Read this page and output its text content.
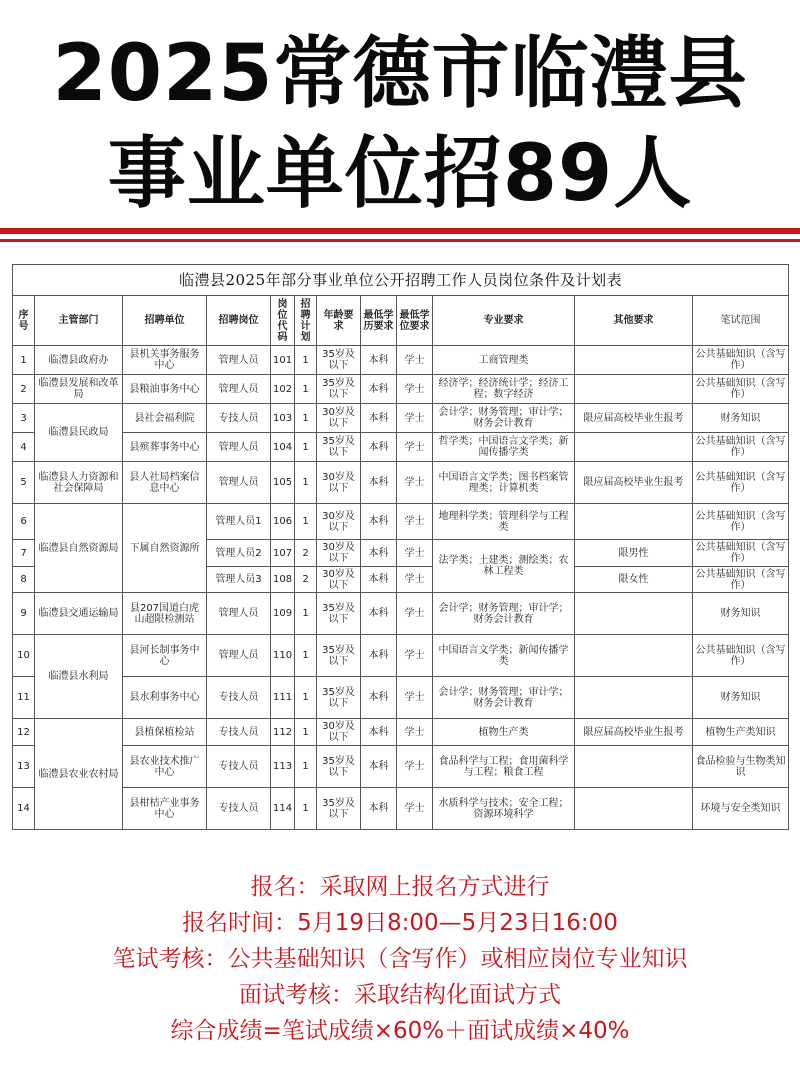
2025常德市临澧县
事业单位招89人
临澧县2025年部分事业单位公开招聘工作人员岗位条件及计划表											
序号	主管部门	招聘单位	招聘岗位	岗位代码	招聘计划	年龄要求	最低学历要求	最低学位要求	专业要求	其他要求	笔试范围
1	临澧县政府办	县机关事务服务中心	管理人员	101	1	35岁及以下	本科	学士	工商管理类		公共基础知识（含写作）
2	临澧县发展和改革局	县粮油事务中心	管理人员	102	1	35岁及以下	本科	学士	经济学；经济统计学；经济工程；数字经济		公共基础知识（含写作）
3	临澧县民政局	县社会福利院	专技人员	103	1	30岁及以下	本科	学士	会计学；财务管理；审计学；财务会计教育	限应届高校毕业生报考	财务知识
4		县殡葬事务中心	管理人员	104	1	35岁及以下	本科	学士	哲学类；中国语言文学类；新闻传播学类		公共基础知识（含写作）
5	临澧县人力资源和社会保障局	县人社局档案信息中心	管理人员	105	1	30岁及以下	本科	学士	中国语言文学类；图书档案管理类；计算机类	限应届高校毕业生报考	公共基础知识（含写作）
6	临澧县自然资源局	下属自然资源所	管理人员1	106	1	30岁及以下	本科	学士	地理科学类；管理科学与工程类		公共基础知识（含写作）
7			管理人员2	107	2	30岁及以下	本科	学士	法学类；土建类；测绘类；农林工程类	限男性	公共基础知识（含写作）
8			管理人员3	108	2	30岁及以下	本科	学士		限女性	公共基础知识（含写作）
9	临澧县交通运输局	县207国道白虎山超限检测站	管理人员	109	1	35岁及以下	本科	学士	会计学；财务管理；审计学；财务会计教育		财务知识
10	临澧县水利局	县河长制事务中心	管理人员	110	1	35岁及以下	本科	学士	中国语言文学类；新闻传播学类		公共基础知识（含写作）
11		县水利事务中心	专技人员	111	1	35岁及以下	本科	学士	会计学；财务管理；审计学；财务会计教育		财务知识
12	临澧县农业农村局	县植保植检站	专技人员	112	1	30岁及以下	本科	学士	植物生产类	限应届高校毕业生报考	植物生产类知识
13		县农业技术推广中心	专技人员	113	1	35岁及以下	本科	学士	食品科学与工程；食用菌科学与工程；粮食工程		食品检验与生物类知识
14		县柑桔产业事务中心	专技人员	114	1	35岁及以下	本科	学士	水质科学与技术；安全工程；资源环境科学		环境与安全类知识
报名：采取网上报名方式进行
报名时间：5月19日8:00—5月23日16:00
笔试考核：公共基础知识（含写作）或相应岗位专业知识
面试考核：采取结构化面试方式
综合成绩=笔试成绩×60%＋面试成绩×40%
